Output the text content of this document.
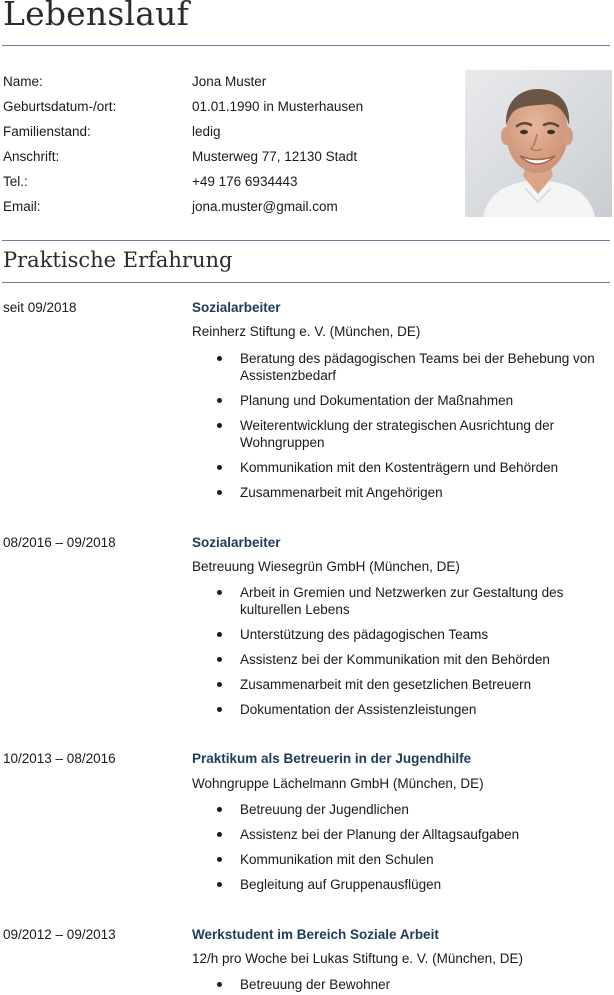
Lebenslauf
Name:	Jona Muster
Geburtsdatum-/ort:	01.01.1990 in Musterhausen
Familienstand:	ledig
Anschrift:	Musterweg 77, 12130 Stadt
Tel.:	+49 176 6934443
Email:	jona.muster@gmail.com
Praktische Erfahrung
seit 09/2018	Sozialarbeiter
Reinherz Stiftung e. V. (München, DE)
Beratung des pädagogischen Teams bei der Behebung von Assistenzbedarf
Planung und Dokumentation der Maßnahmen
Weiterentwicklung der strategischen Ausrichtung der Wohngruppen
Kommunikation mit den Kostenträgern und Behörden
Zusammenarbeit mit Angehörigen
08/2016 – 09/2018	Sozialarbeiter
Betreuung Wiesegrün GmbH (München, DE)
Arbeit in Gremien und Netzwerken zur Gestaltung des kulturellen Lebens
Unterstützung des pädagogischen Teams
Assistenz bei der Kommunikation mit den Behörden
Zusammenarbeit mit den gesetzlichen Betreuern
Dokumentation der Assistenzleistungen
10/2013 – 08/2016	Praktikum als Betreuerin in der Jugendhilfe
Wohngruppe Lächelmann GmbH (München, DE)
Betreuung der Jugendlichen
Assistenz bei der Planung der Alltagsaufgaben
Kommunikation mit den Schulen
Begleitung auf Gruppenausflügen
09/2012 – 09/2013	Werkstudent im Bereich Soziale Arbeit
12/h pro Woche bei Lukas Stiftung e. V. (München, DE)
Betreuung der Bewohner
